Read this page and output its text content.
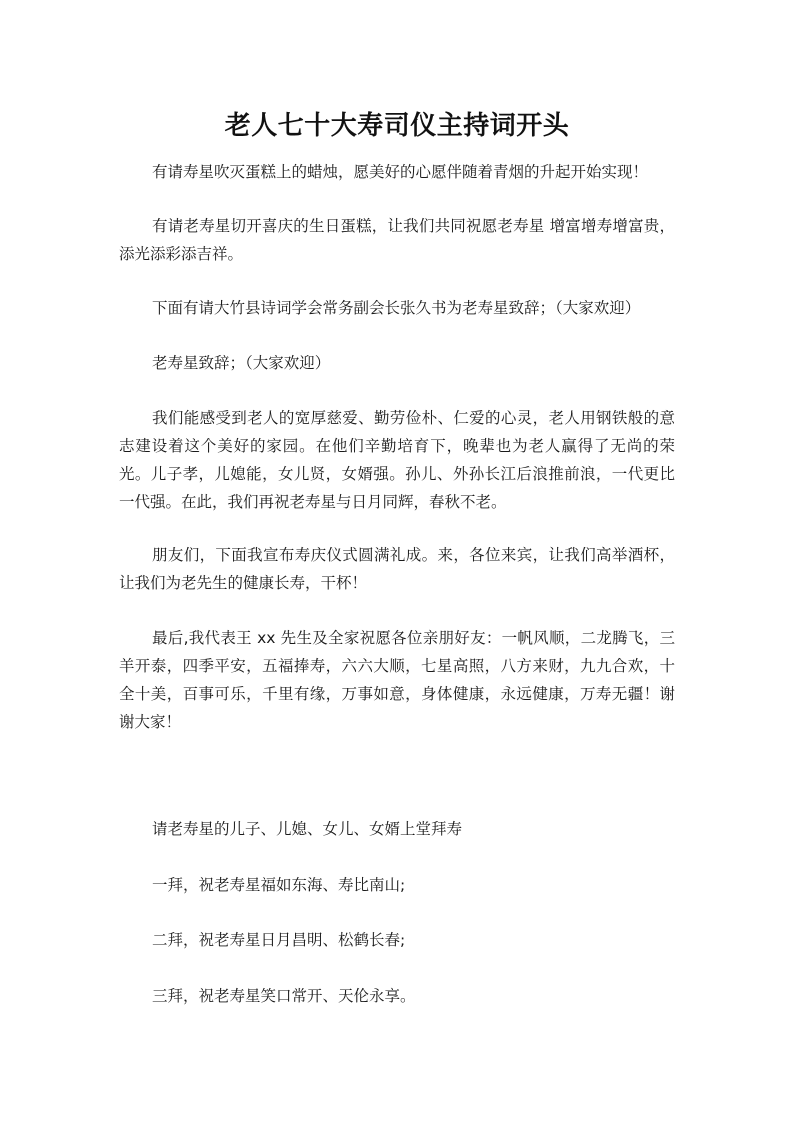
老人七十大寿司仪主持词开头

有请寿星吹灭蛋糕上的蜡烛，愿美好的心愿伴随着青烟的升起开始实现！

有请老寿星切开喜庆的生日蛋糕，让我们共同祝愿老寿星 增富增寿增富贵，添光添彩添吉祥。

下面有请大竹县诗词学会常务副会长张久书为老寿星致辞；（大家欢迎）

老寿星致辞；（大家欢迎）

我们能感受到老人的宽厚慈爱、勤劳俭朴、仁爱的心灵，老人用钢铁般的意志建设着这个美好的家园。在他们辛勤培育下，晚辈也为老人赢得了无尚的荣光。儿子孝，儿媳能，女儿贤，女婿强。孙儿、外孙长江后浪推前浪，一代更比一代强。在此，我们再祝老寿星与日月同辉，春秋不老。

朋友们，下面我宣布寿庆仪式圆满礼成。来，各位来宾，让我们高举酒杯，让我们为老先生的健康长寿，干杯！

最后,我代表王 xx 先生及全家祝愿各位亲朋好友：一帆风顺，二龙腾飞，三羊开泰，四季平安，五福捧寿，六六大顺，七星高照，八方来财，九九合欢，十全十美，百事可乐，千里有缘，万事如意，身体健康，永远健康，万寿无疆！谢谢大家！

请老寿星的儿子、儿媳、女儿、女婿上堂拜寿

一拜，祝老寿星福如东海、寿比南山;

二拜，祝老寿星日月昌明、松鹤长春;

三拜，祝老寿星笑口常开、天伦永享。
